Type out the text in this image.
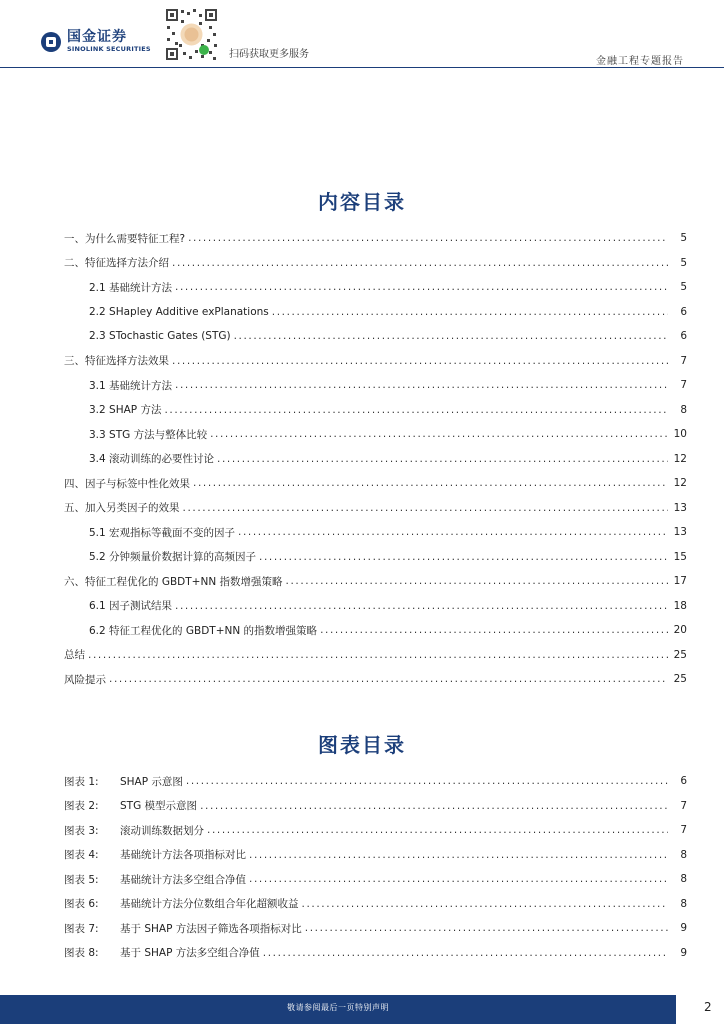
国金证券
SINOLINK SECURITIES	扫码获取更多服务
金融工程专题报告
内容目录
一、为什么需要特征工程? .....	5
二、特征选择方法介绍 .....	5
2.1 基础统计方法 .....	5
2.2 SHapley Additive exPlanations .....	6
2.3 STochastic Gates (STG) .....	6
三、特征选择方法效果 .....	7
3.1 基础统计方法 .....	7
3.2 SHAP 方法 .....	8
3.3 STG 方法与整体比较 .....	10
3.4 滚动训练的必要性讨论 .....	12
四、因子与标签中性化效果 .....	12
五、加入另类因子的效果 .....	13
5.1 宏观指标等截面不变的因子 .....	13
5.2 分钟频量价数据计算的高频因子 .....	15
六、特征工程优化的 GBDT+NN 指数增强策略 .....	17
6.1 因子测试结果 .....	18
6.2 特征工程优化的 GBDT+NN 的指数增强策略 .....	20
总结 .....	25
风险提示 .....	25
图表目录
图表 1:	SHAP 示意图 .....	6
图表 2:	STG 模型示意图 .....	7
图表 3:	滚动训练数据划分 .....	7
图表 4:	基础统计方法各项指标对比 .....	8
图表 5:	基础统计方法多空组合净值 .....	8
图表 6:	基础统计方法分位数组合年化超额收益 .....	8
图表 7:	基于 SHAP 方法因子筛选各项指标对比 .....	9
图表 8:	基于 SHAP 方法多空组合净值 .....	9
敬请参阅最后一页特别声明	2
